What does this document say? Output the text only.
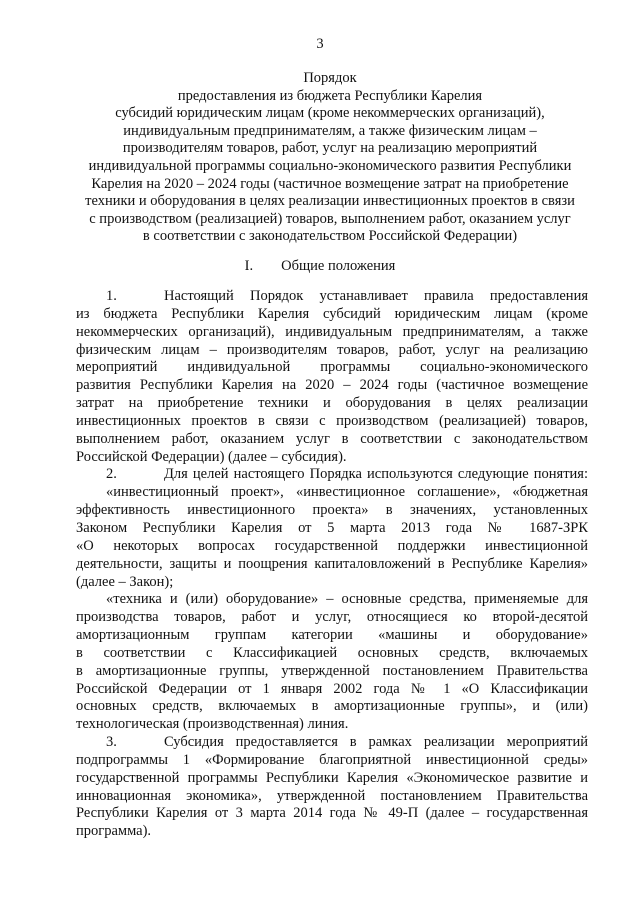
3
Порядок
предоставления из бюджета Республики Карелия
субсидий юридическим лицам (кроме некоммерческих организаций),
индивидуальным предпринимателям, а также физическим лицам –
производителям товаров, работ, услуг на реализацию мероприятий
индивидуальной программы социально-экономического развития Республики
Карелия на 2020 – 2024 годы (частичное возмещение затрат на приобретение
техники и оборудования в целях реализации инвестиционных проектов в связи
с производством (реализацией) товаров, выполнением работ, оказанием услуг
в соответствии с законодательством Российской Федерации)
I. Общие положения
1.	Настоящий Порядок устанавливает правила предоставления
из бюджета Республики Карелия субсидий юридическим лицам (кроме
некоммерческих организаций), индивидуальным предпринимателям, а также
физическим лицам – производителям товаров, работ, услуг на реализацию
мероприятий индивидуальной программы социально-экономического
развития Республики Карелия на 2020 – 2024 годы (частичное возмещение
затрат на приобретение техники и оборудования в целях реализации
инвестиционных проектов в связи с производством (реализацией) товаров,
выполнением работ, оказанием услуг в соответствии с законодательством
Российской Федерации) (далее – субсидия).
2.	Для целей настоящего Порядка используются следующие понятия:
«инвестиционный проект», «инвестиционное соглашение», «бюджетная
эффективность инвестиционного проекта» в значениях, установленных
Законом Республики Карелия от 5 марта 2013 года № 1687-ЗРК
«О некоторых вопросах государственной поддержки инвестиционной
деятельности, защиты и поощрения капиталовложений в Республике Карелия»
(далее – Закон);
«техника и (или) оборудование» – основные средства, применяемые для
производства товаров, работ и услуг, относящиеся ко второй-десятой
амортизационным группам категории «машины и оборудование»
в соответствии с Классификацией основных средств, включаемых
в амортизационные группы, утвержденной постановлением Правительства
Российской Федерации от 1 января 2002 года № 1 «О Классификации
основных средств, включаемых в амортизационные группы», и (или)
технологическая (производственная) линия.
3.	Субсидия предоставляется в рамках реализации мероприятий
подпрограммы 1 «Формирование благоприятной инвестиционной среды»
государственной программы Республики Карелия «Экономическое развитие и
инновационная экономика», утвержденной постановлением Правительства
Республики Карелия от 3 марта 2014 года № 49-П (далее – государственная
программа).
